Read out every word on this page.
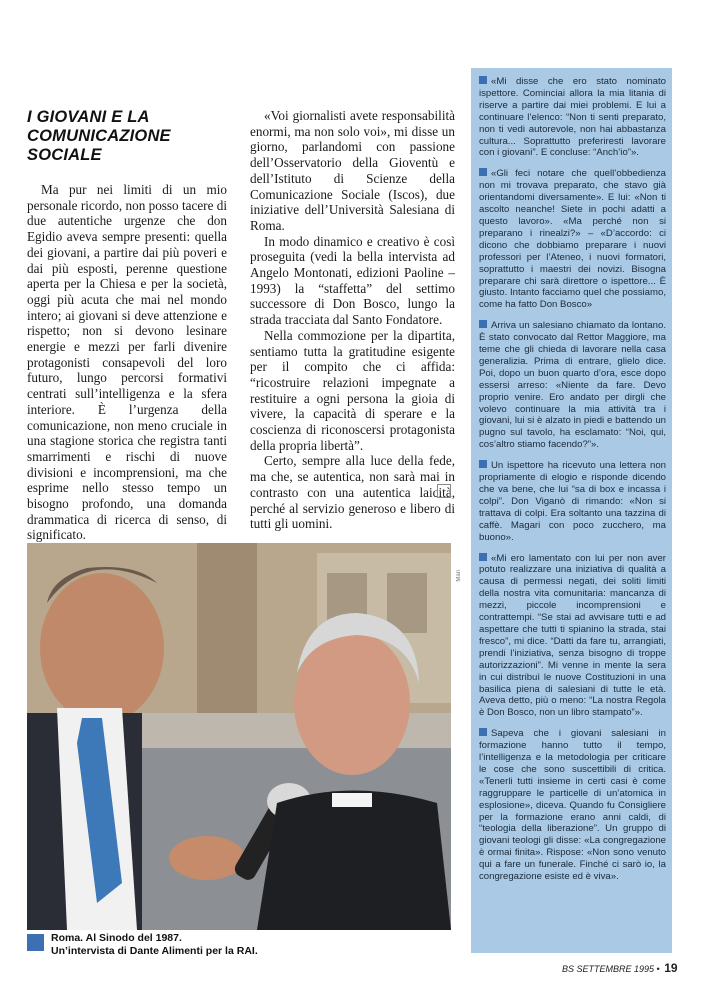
I GIOVANI E LA COMUNICAZIONE SOCIALE

Ma pur nei limiti di un mio personale ricordo, non posso tacere di due autentiche urgenze che don Egidio aveva sempre presenti: quella dei giovani, a partire dai più poveri e dai più esposti, perenne questione aperta per la Chiesa e per la società, oggi più acuta che mai nel mondo intero; ai giovani si deve attenzione e rispetto; non si devono lesinare energie e mezzi per farli divenire protagonisti consapevoli del loro futuro, lungo percorsi formativi centrati sull’intelligenza e la sfera interiore. È l’urgenza della comunicazione, non meno cruciale in una stagione storica che registra tanti smarrimenti e rischi di nuove divisioni e incomprensioni, ma che esprime nello stesso tempo un bisogno profondo, una domanda drammatica di ricerca di senso, di significato.

«Voi giornalisti avete responsabilità enormi, ma non solo voi», mi disse un giorno, parlandomi con passione dell’Osservatorio della Gioventù e dell’Istituto di Scienze della Comunicazione Sociale (Iscos), due iniziative dell’Università Salesiana di Roma.

In modo dinamico e creativo è così proseguita (vedi la bella intervista ad Angelo Montonati, edizioni Paoline – 1993) la “staffetta” del settimo successore di Don Bosco, lungo la strada tracciata dal Santo Fondatore.

Nella commozione per la dipartita, sentiamo tutta la gratitudine esigente per il compito che ci affida: “ricostruire relazioni impegnate a restituire a ogni persona la gioia di vivere, la capacità di sperare e la coscienza di riconoscersi protagonista della propria libertà”.

Certo, sempre alla luce della fede, ma che, se autentica, non sarà mai in contrasto con una autentica laicità, perché al servizio generoso e libero di tutti gli uomini.

«Mi disse che ero stato nominato ispettore. Cominciai allora la mia litania di riserve a partire dai miei problemi. E lui a continuare l’elenco: “Non ti senti preparato, non ti vedi autorevole, non hai abbastanza cultura... Soprattutto preferiresti lavorare con i giovani”. E concluse: “Anch’io”».

«Gli feci notare che quell’obbedienza non mi trovava preparato, che stavo già orientandomi diversamente». E lui: «Non ti ascolto neanche! Siete in pochi adatti a questo lavoro». «Ma perché non si preparano i rinealzi?» – «D’accordo: ci dicono che dobbiamo preparare i nuovi professori per l’Ateneo, i nuovi formatori, soprattutto i maestri dei novizi. Bisogna preparare chi sarà direttore o ispettore... È giusto. Intanto facciamo quel che possiamo, come ha fatto Don Bosco»

Arriva un salesiano chiamato da lontano. È stato convocato dal Rettor Maggiore, ma teme che gli chieda di lavorare nella casa generalizia. Prima di entrare, glielo dice. Poi, dopo un buon quarto d’ora, esce dopo essersi arreso: «Niente da fare. Devo proprio venire. Ero andato per dirgli che volevo continuare la mia attività tra i giovani, lui si è alzato in piedi e battendo un pugno sul tavolo, ha esclamato: “Noi, qui, cos’altro stiamo facendo?”».

Un ispettore ha ricevuto una lettera non propriamente di elogio e risponde dicendo che va bene, che lui “sa di box e incassa i colpi”. Don Viganò di rimando: «Non si trattava di colpi. Era soltanto una tazzina di caffè. Magari con poco zucchero, ma buono».

«Mi ero lamentato con lui per non aver potuto realizzare una iniziativa di qualità a causa di permessi negati, dei soliti limiti della nostra vita comunitaria: mancanza di mezzi, piccole incomprensioni e contrattempi. “Se stai ad avvisare tutti e ad aspettare che tutti ti spianino la strada, stai fresco”, mi dice. “Datti da fare tu, arrangiati, prendi l’iniziativa, senza bisogno di troppe autorizzazioni”. Mi venne in mente la sera in cui distribuì le nuove Costituzioni in una basilica piena di salesiani di tutte le età. Aveva detto, più o meno: “La nostra Regola è Don Bosco, non un libro stampato”».

Sapeva che i giovani salesiani in formazione hanno tutto il tempo, l’intelligenza e la metodologia per criticare le cose che sono suscettibili di critica. «Tenerli tutti insieme in certi casi è come raggruppare le particelle di un’atomica in esplosione», diceva. Quando fu Consigliere per la formazione erano anni caldi, di “teologia della liberazione”. Un gruppo di giovani teologi gli disse: «La congregazione è ormai finita». Rispose: «Non sono venuto qui a fare un funerale. Finché ci sarò io, la congregazione esiste ed è viva».

Mari
Roma. Al Sinodo del 1987.
Un’intervista di Dante Alimenti per la RAI.
BS SETTEMBRE 1995 • 19
